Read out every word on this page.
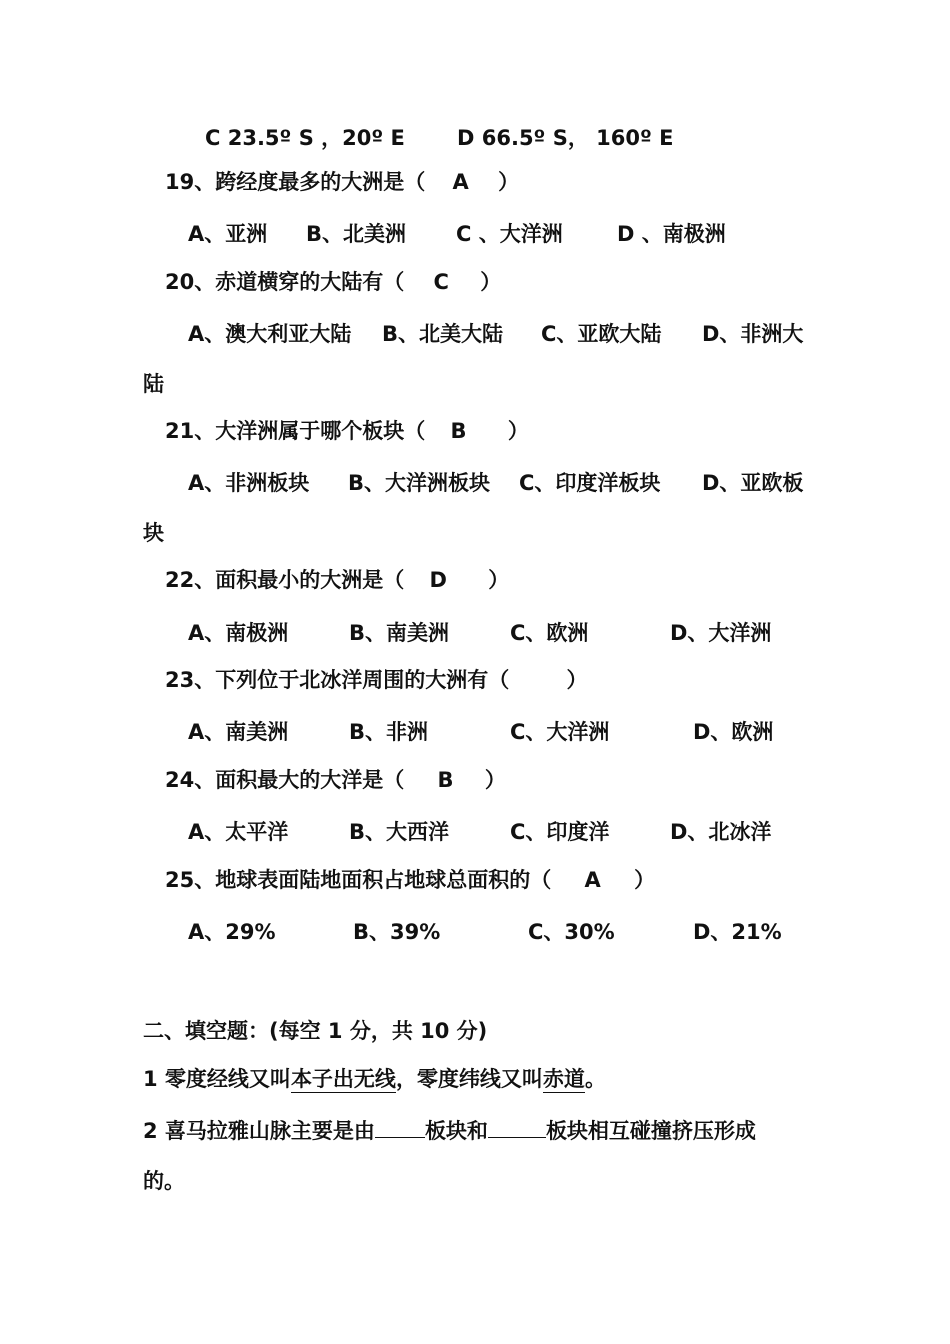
C 23.5º S ，20º E D 66.5º S， 160º E
19、跨经度最多的大洲是（ A ）
A、亚洲 B、北美洲 C 、大洋洲	D 、南极洲
20、赤道横穿的大陆有（ C ）
A、澳大利亚大陆 B、北美大陆 C、亚欧大陆 D、非洲大
陆
21、大洋洲属于哪个板块（ B ）
A、非洲板块 B、大洋洲板块 C、印度洋板块 D、亚欧板
块
22、面积最小的大洲是（ D ）
A、南极洲	B、南美洲	C、欧洲	D、大洋洲
23、下列位于北冰洋周围的大洲有（	）
A、南美洲	B、非洲	C、大洋洲	D、欧洲
24、面积最大的大洋是（ B ）
A、太平洋	B、大西洋	C、印度洋	D、北冰洋
25、地球表面陆地面积占地球总面积的（ A ）
A、29%	B、39%	C、30%	D、21%
二、填空题：(每空 1 分，共 10 分)
1 零度经线又叫本子出无线，零度纬线又叫赤道。
2 喜马拉雅山脉主要是由 板块和	板块相互碰撞挤压形成
的。
